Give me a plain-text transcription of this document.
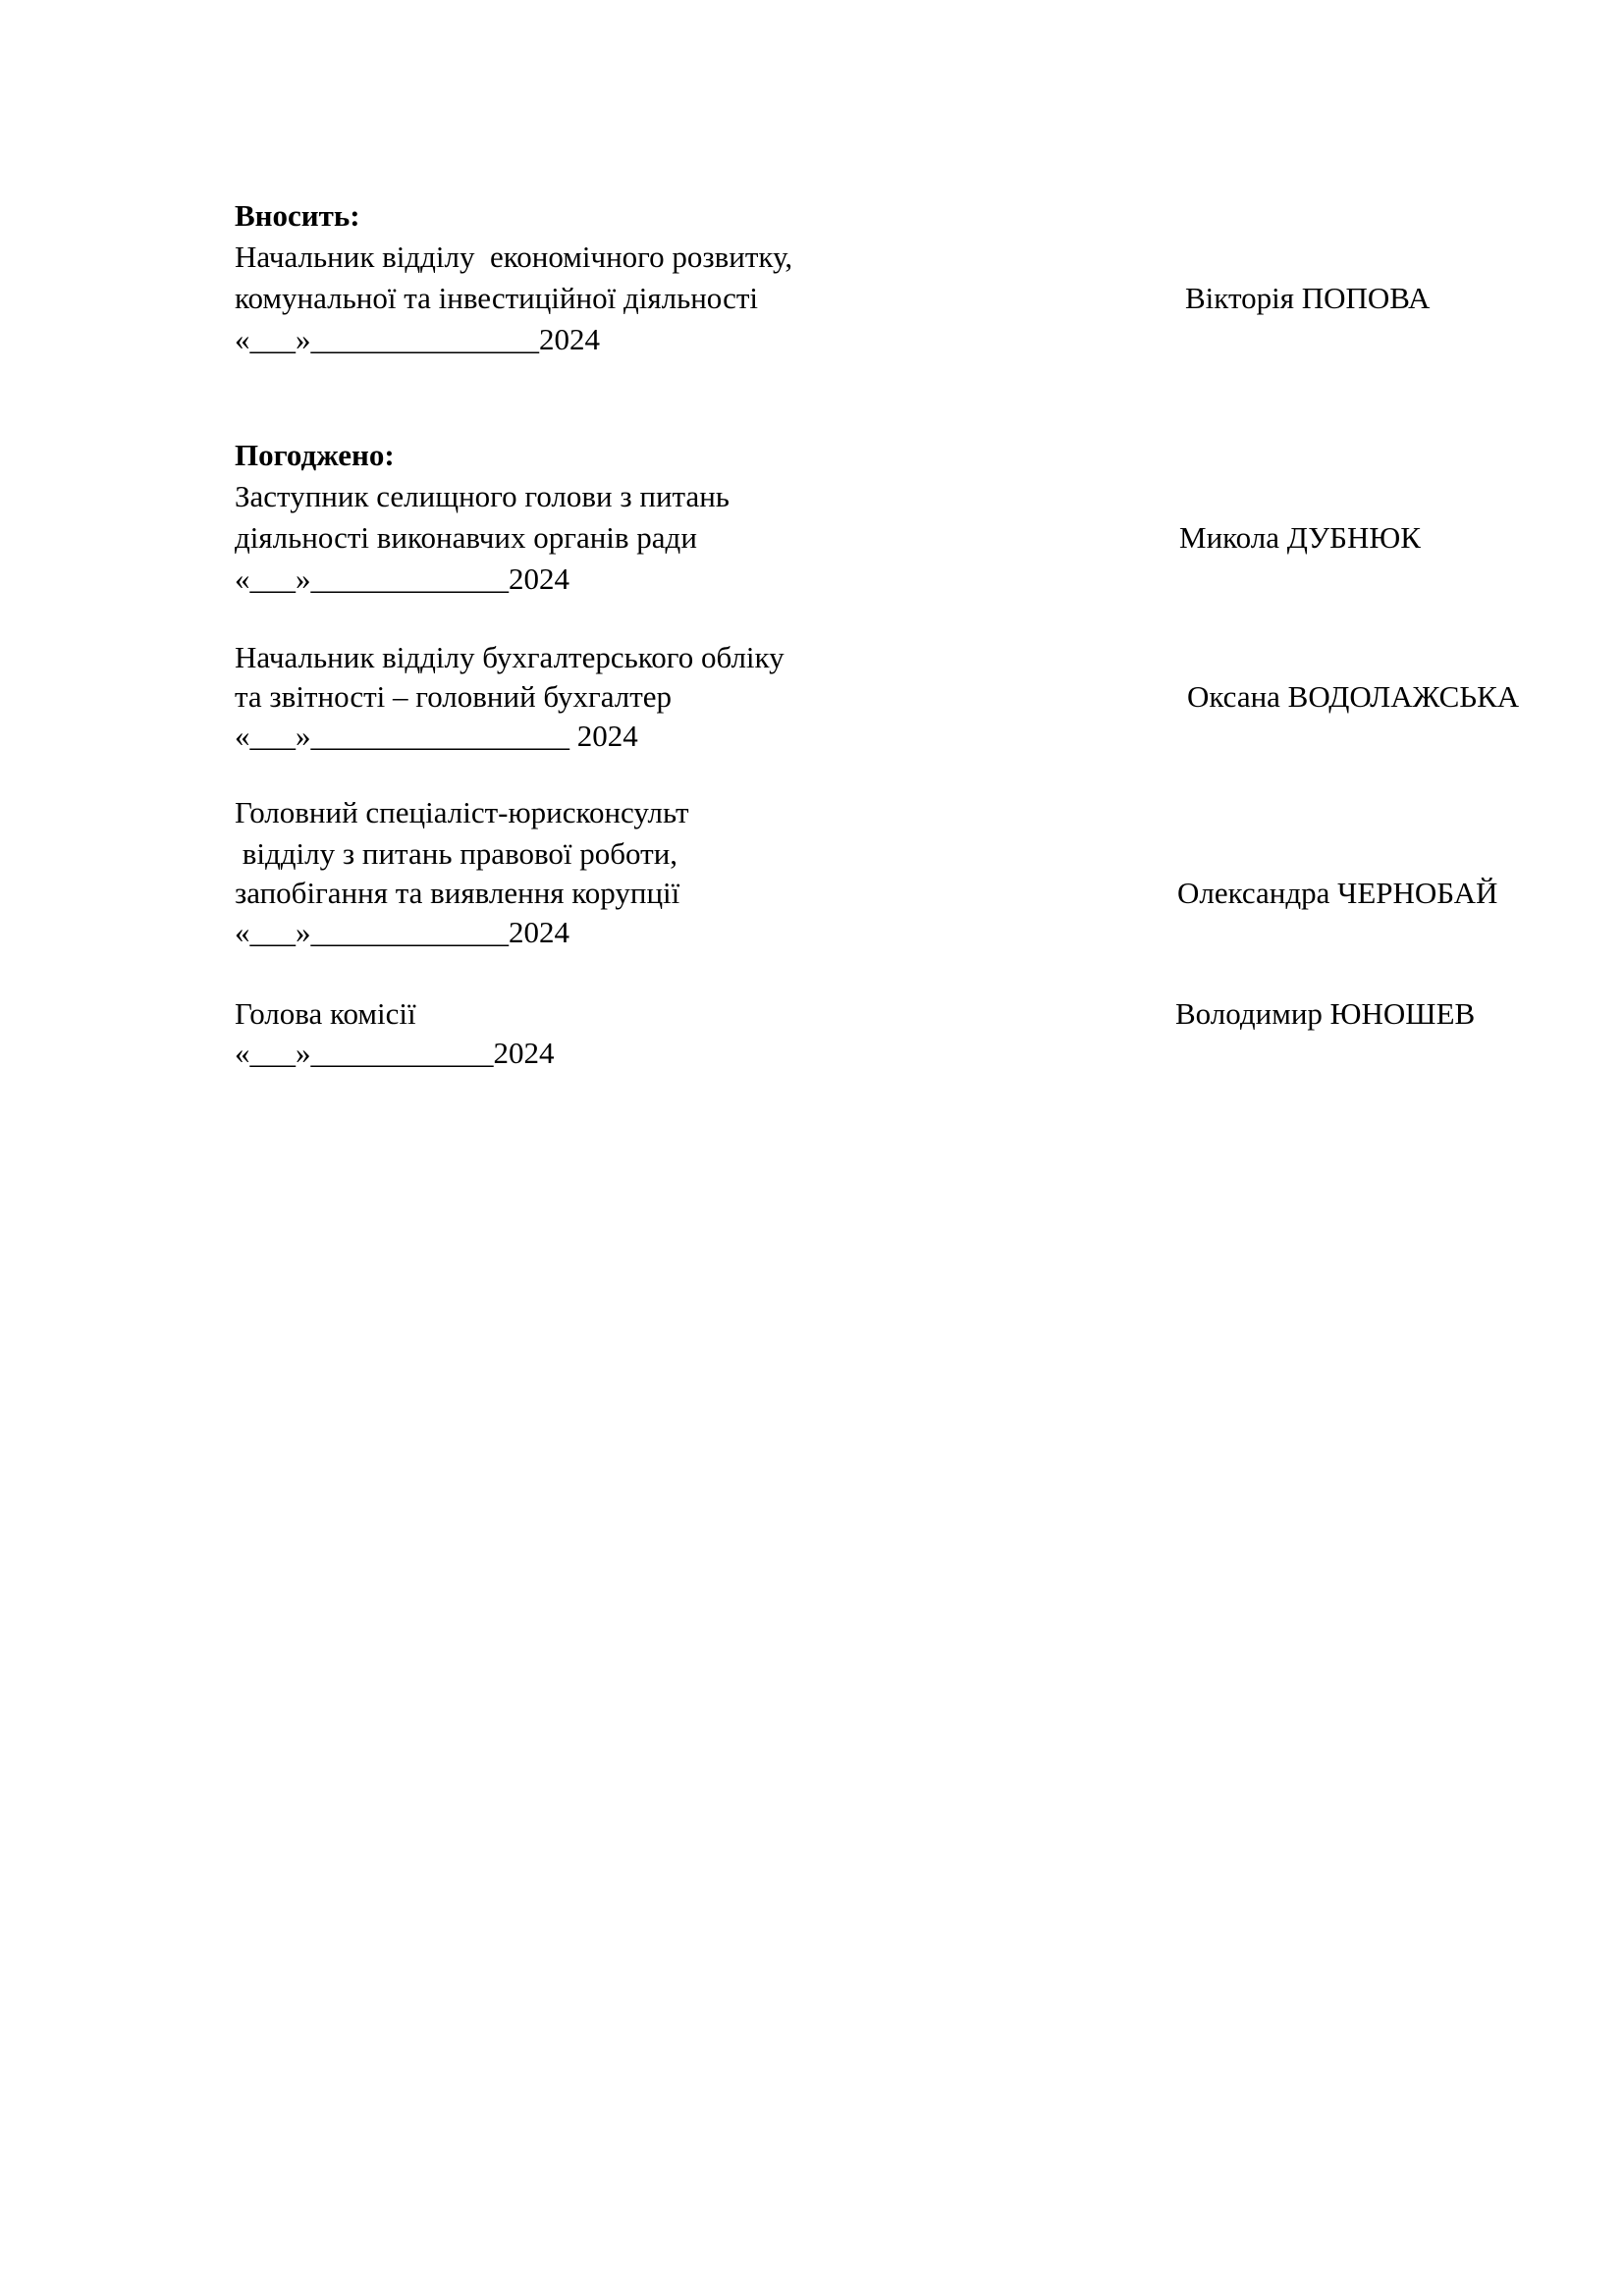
Вносить:
Начальник відділу  економічного розвитку,
комунальної та інвестиційної діяльності	Вікторія ПОПОВА
«___»_______________2024
Погоджено:
Заступник селищного голови з питань
діяльності виконавчих органів ради	Микола ДУБНЮК
«___»_____________2024
Начальник відділу бухгалтерського обліку
та звітності – головний бухгалтер	Оксана ВОДОЛАЖСЬКА
«___»_________________ 2024
Головний спеціаліст-юрисконсульт
відділу з питань правової роботи,
запобігання та виявлення корупції	Олександра ЧЕРНОБАЙ
«___»_____________2024
Голова комісії	Володимир ЮНОШЕВ
«___»____________2024
